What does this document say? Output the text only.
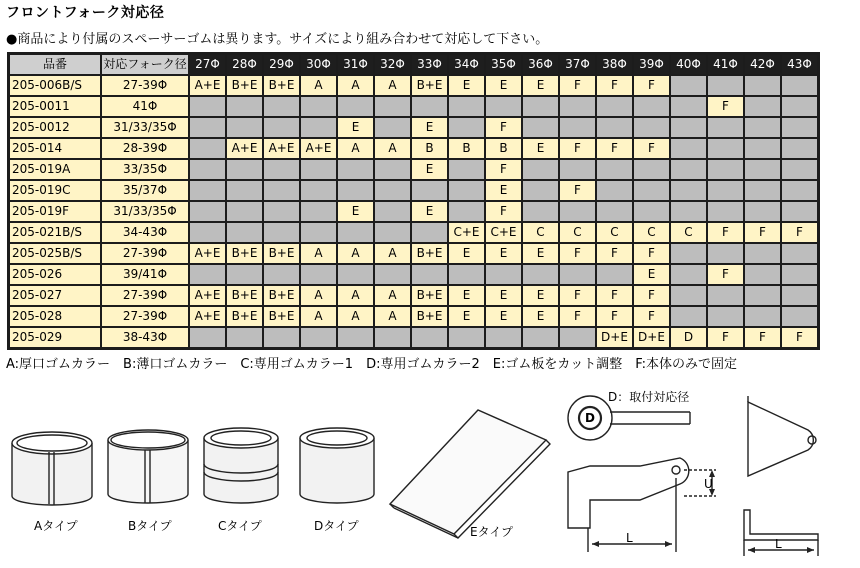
フロントフォーク対応径
●商品により付属のスペーサーゴムは異ります。サイズにより組み合わせて対応して下さい。
品番	対応フォーク径	27Φ	28Φ	29Φ	30Φ	31Φ	32Φ	33Φ	34Φ	35Φ	36Φ	37Φ	38Φ	39Φ	40Φ	41Φ	42Φ	43Φ
205-006B/S	27-39Φ	A+E	B+E	B+E	A	A	A	B+E	E	E	E	F	F	F				
205-0011	41Φ															F		
205-0012	31/33/35Φ					E		E		F								
205-014	28-39Φ		A+E	A+E	A+E	A	A	B	B	B	E	F	F	F				
205-019A	33/35Φ							E		F								
205-019C	35/37Φ									E		F						
205-019F	31/33/35Φ					E		E		F								
205-021B/S	34-43Φ								C+E	C+E	C	C	C	C	C	F	F	F
205-025B/S	27-39Φ	A+E	B+E	B+E	A	A	A	B+E	E	E	E	F	F	F				
205-026	39/41Φ													E		F		
205-027	27-39Φ	A+E	B+E	B+E	A	A	A	B+E	E	E	E	F	F	F				
205-028	27-39Φ	A+E	B+E	B+E	A	A	A	B+E	E	E	E	F	F	F				
205-029	38-43Φ												D+E	D+E	D	F	F	F
A:厚口ゴムカラー　B:薄口ゴムカラー　C:専用ゴムカラー1　D:専用ゴムカラー2　E:ゴム板をカット調整　F:本体のみで固定
Aタイプ	Bタイプ	Cタイプ	Dタイプ	Eタイプ
D：取付対応径
D
U
L	L
